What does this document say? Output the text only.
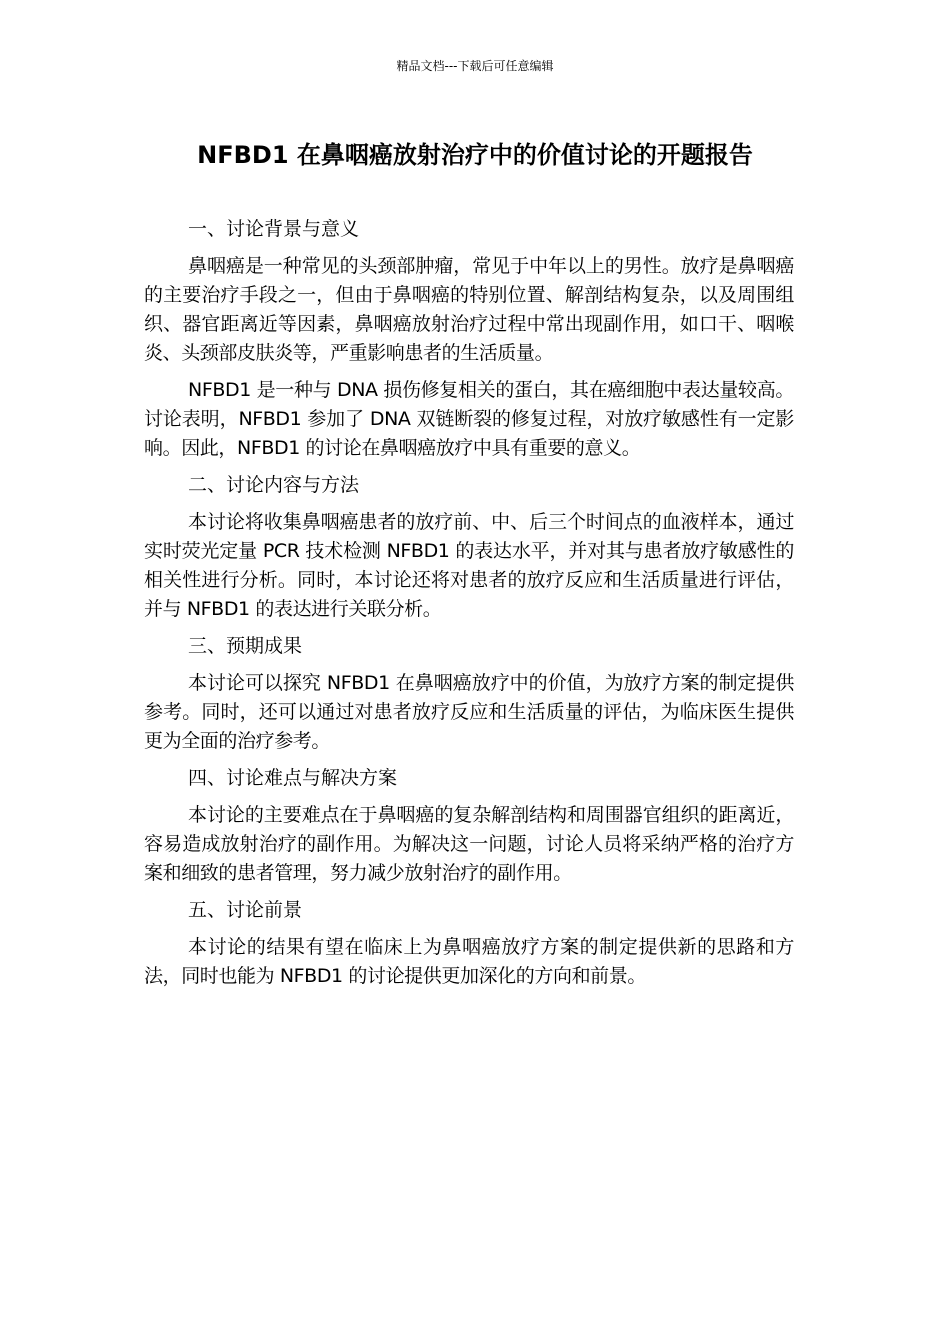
精品文档---下载后可任意编辑
NFBD1 在鼻咽癌放射治疗中的价值讨论的开题报告
一、讨论背景与意义

鼻咽癌是一种常见的头颈部肿瘤，常见于中年以上的男性。放疗是鼻咽癌的主要治疗手段之一，但由于鼻咽癌的特别位置、解剖结构复杂，以及周围组织、器官距离近等因素，鼻咽癌放射治疗过程中常出现副作用，如口干、咽喉炎、头颈部皮肤炎等，严重影响患者的生活质量。

NFBD1 是一种与 DNA 损伤修复相关的蛋白，其在癌细胞中表达量较高。讨论表明，NFBD1 参加了 DNA 双链断裂的修复过程，对放疗敏感性有一定影响。因此，NFBD1 的讨论在鼻咽癌放疗中具有重要的意义。

二、讨论内容与方法

本讨论将收集鼻咽癌患者的放疗前、中、后三个时间点的血液样本，通过实时荧光定量 PCR 技术检测 NFBD1 的表达水平，并对其与患者放疗敏感性的相关性进行分析。同时，本讨论还将对患者的放疗反应和生活质量进行评估，并与 NFBD1 的表达进行关联分析。

三、预期成果

本讨论可以探究 NFBD1 在鼻咽癌放疗中的价值，为放疗方案的制定提供参考。同时，还可以通过对患者放疗反应和生活质量的评估，为临床医生提供更为全面的治疗参考。

四、讨论难点与解决方案

本讨论的主要难点在于鼻咽癌的复杂解剖结构和周围器官组织的距离近，容易造成放射治疗的副作用。为解决这一问题，讨论人员将采纳严格的治疗方案和细致的患者管理，努力减少放射治疗的副作用。

五、讨论前景

本讨论的结果有望在临床上为鼻咽癌放疗方案的制定提供新的思路和方法，同时也能为 NFBD1 的讨论提供更加深化的方向和前景。
